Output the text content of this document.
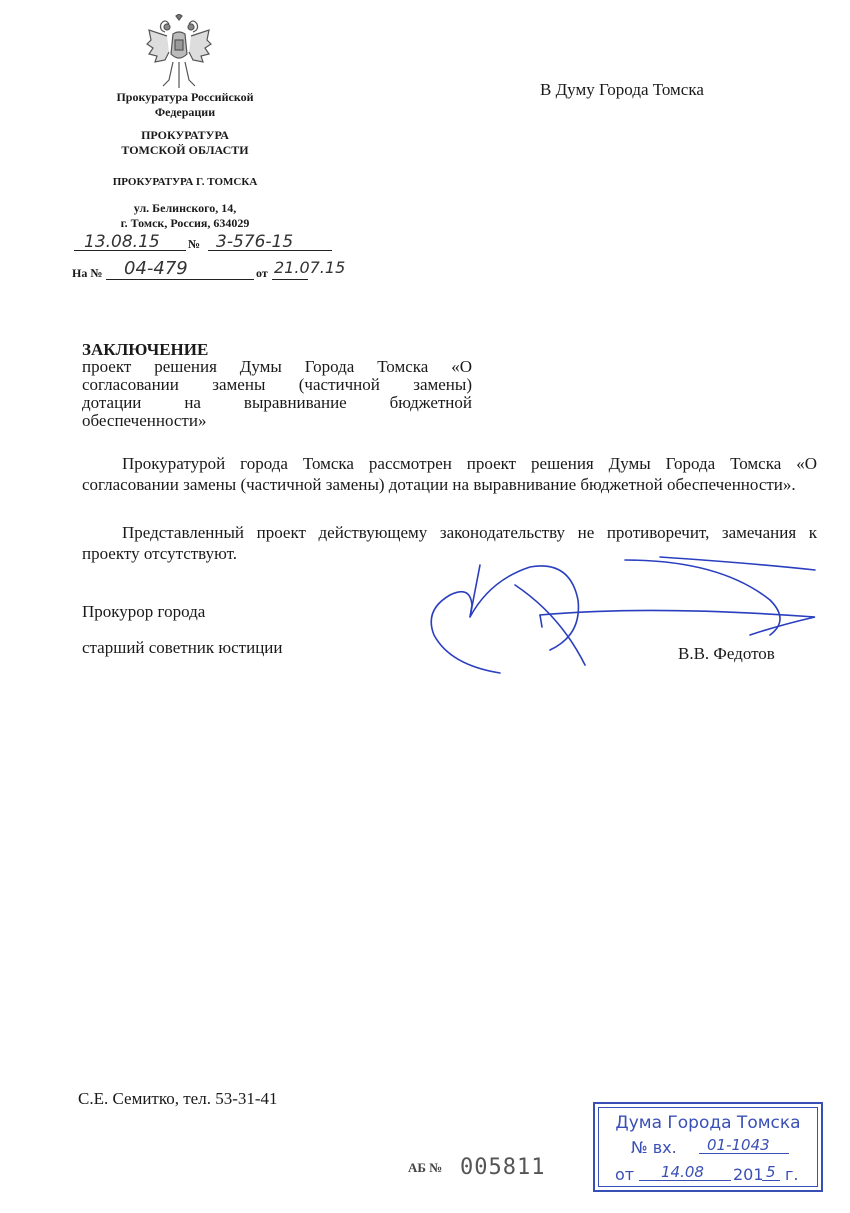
Прокуратура Российской
Федерации
ПРОКУРАТУРА
ТОМСКОЙ ОБЛАСТИ
ПРОКУРАТУРА Г. ТОМСКА
ул. Белинского, 14,
г. Томск, Россия, 634029
13.08.15 № 3-576-15
На № 04-479	от 21.07.15
В Думу Города Томска
ЗАКЛЮЧЕНИЕ
проект решения Думы Города Томска «О
согласовании замены (частичной замены)
дотации на выравнивание бюджетной
обеспеченности»
Прокуратурой города Томска рассмотрен проект решения Думы Города Томска «О согласовании замены (частичной замены) дотации на выравнивание бюджетной обеспеченности».
Представленный проект действующему законодательству не противоречит, замечания к проекту отсутствуют.
Прокурор города
старший советник юстиции	В.В. Федотов
С.Е. Семитко, тел. 53-31-41
АБ № 005811
Дума Города Томска
№ вх. 01-1043
от 14.08 201 5 г.
